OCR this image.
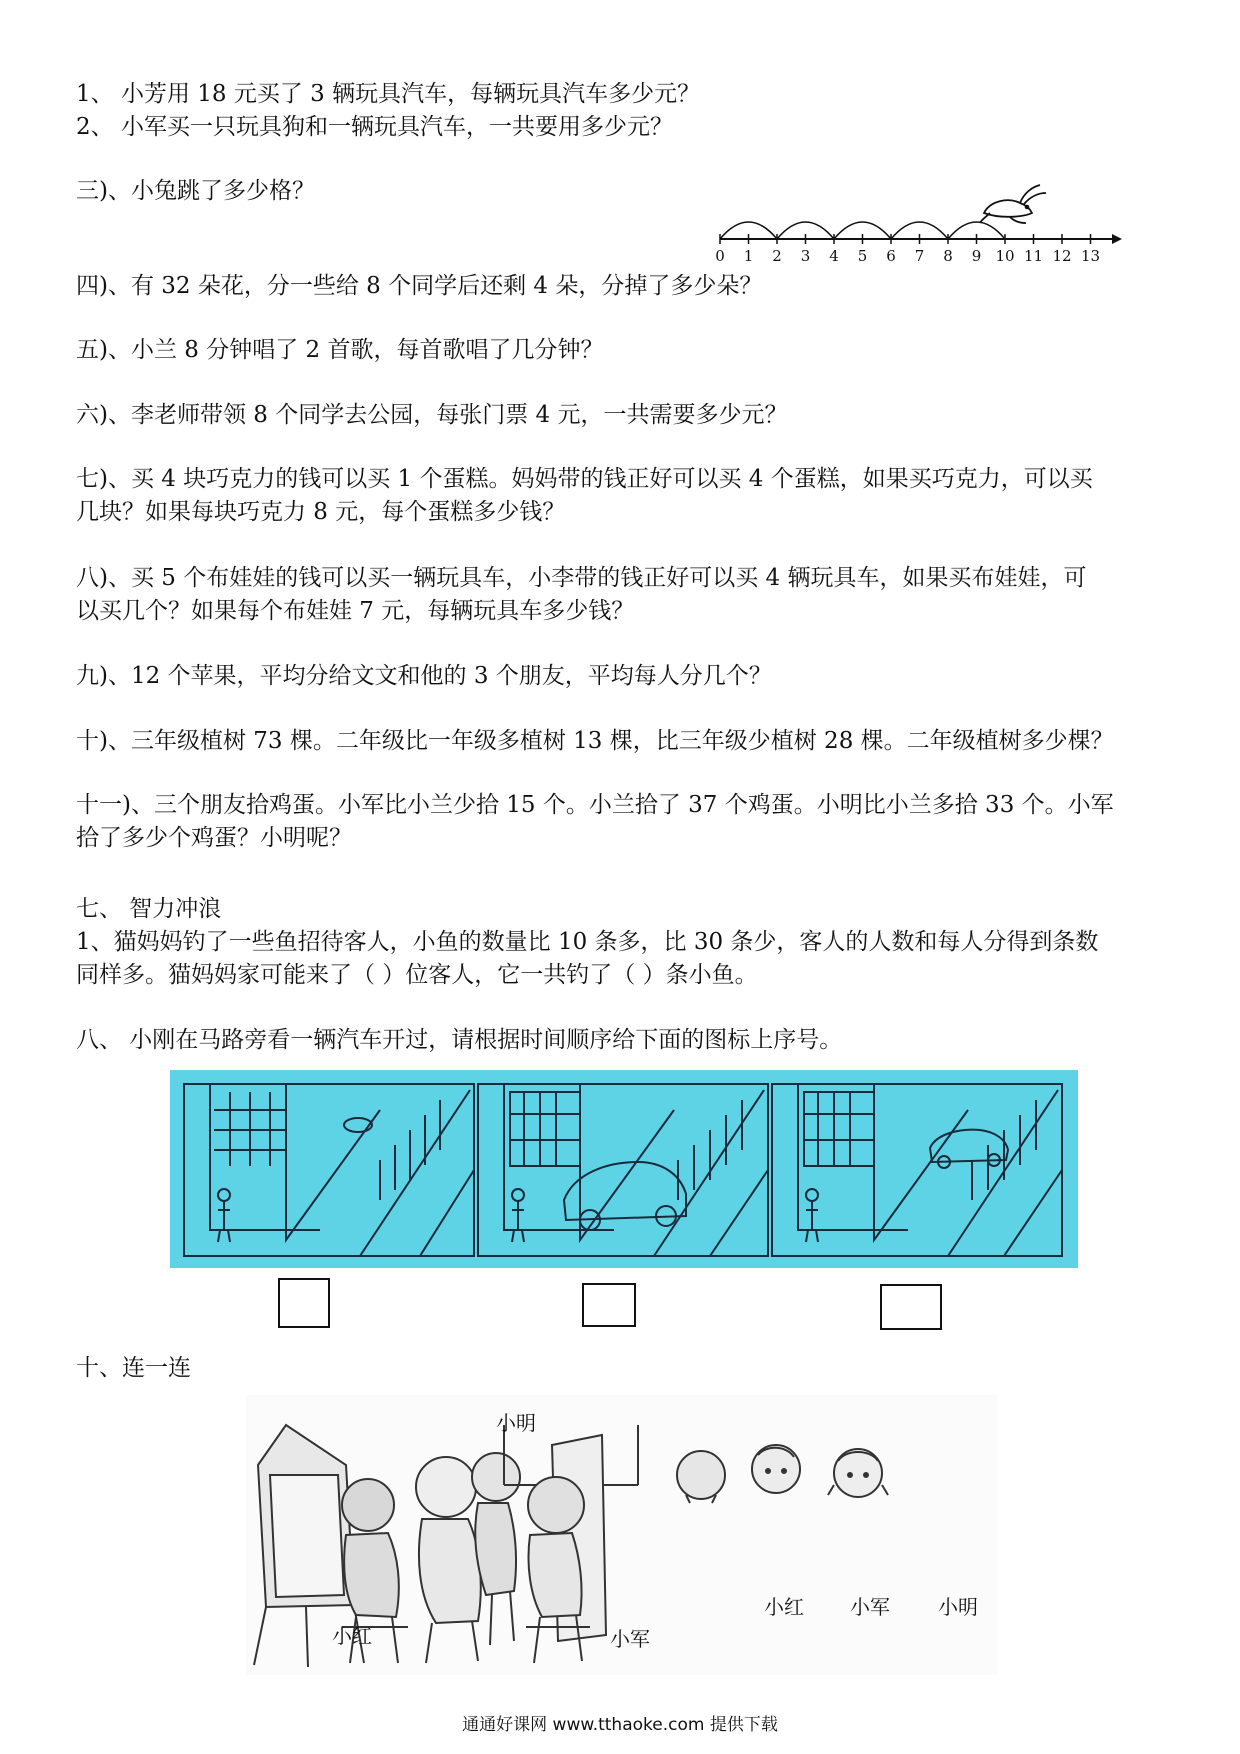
1、 小芳用 18 元买了 3 辆玩具汽车，每辆玩具汽车多少元？
2、 小军买一只玩具狗和一辆玩具汽车，一共要用多少元？
三)、小兔跳了多少格？
0 1 2 3 4 5 6 7 8 9 10 11 12 13
四)、有 32 朵花，分一些给 8 个同学后还剩 4 朵，分掉了多少朵？
五)、小兰 8 分钟唱了 2 首歌，每首歌唱了几分钟？
六)、李老师带领 8 个同学去公园，每张门票 4 元，一共需要多少元？
七)、买 4 块巧克力的钱可以买 1 个蛋糕。妈妈带的钱正好可以买 4 个蛋糕，如果买巧克力，可以买
几块？如果每块巧克力 8 元，每个蛋糕多少钱？
八)、买 5 个布娃娃的钱可以买一辆玩具车，小李带的钱正好可以买 4 辆玩具车，如果买布娃娃，可
以买几个？如果每个布娃娃 7 元，每辆玩具车多少钱？
九)、12 个苹果，平均分给文文和他的 3 个朋友，平均每人分几个？
十)、三年级植树 73 棵。二年级比一年级多植树 13 棵，比三年级少植树 28 棵。二年级植树多少棵？
十一)、三个朋友拾鸡蛋。小军比小兰少拾 15 个。小兰拾了 37 个鸡蛋。小明比小兰多拾 33 个。小军
拾了多少个鸡蛋？小明呢？
七、 智力冲浪
1、猫妈妈钓了一些鱼招待客人，小鱼的数量比 10 条多，比 30 条少，客人的人数和每人分得到条数
同样多。猫妈妈家可能来了（ ）位客人，它一共钓了（ ）条小鱼。
八、 小刚在马路旁看一辆汽车开过，请根据时间顺序给下面的图标上序号。
十、连一连
小明
小红	小军
小红 小军 小明
通通好课网 www.tthaoke.com 提供下载
